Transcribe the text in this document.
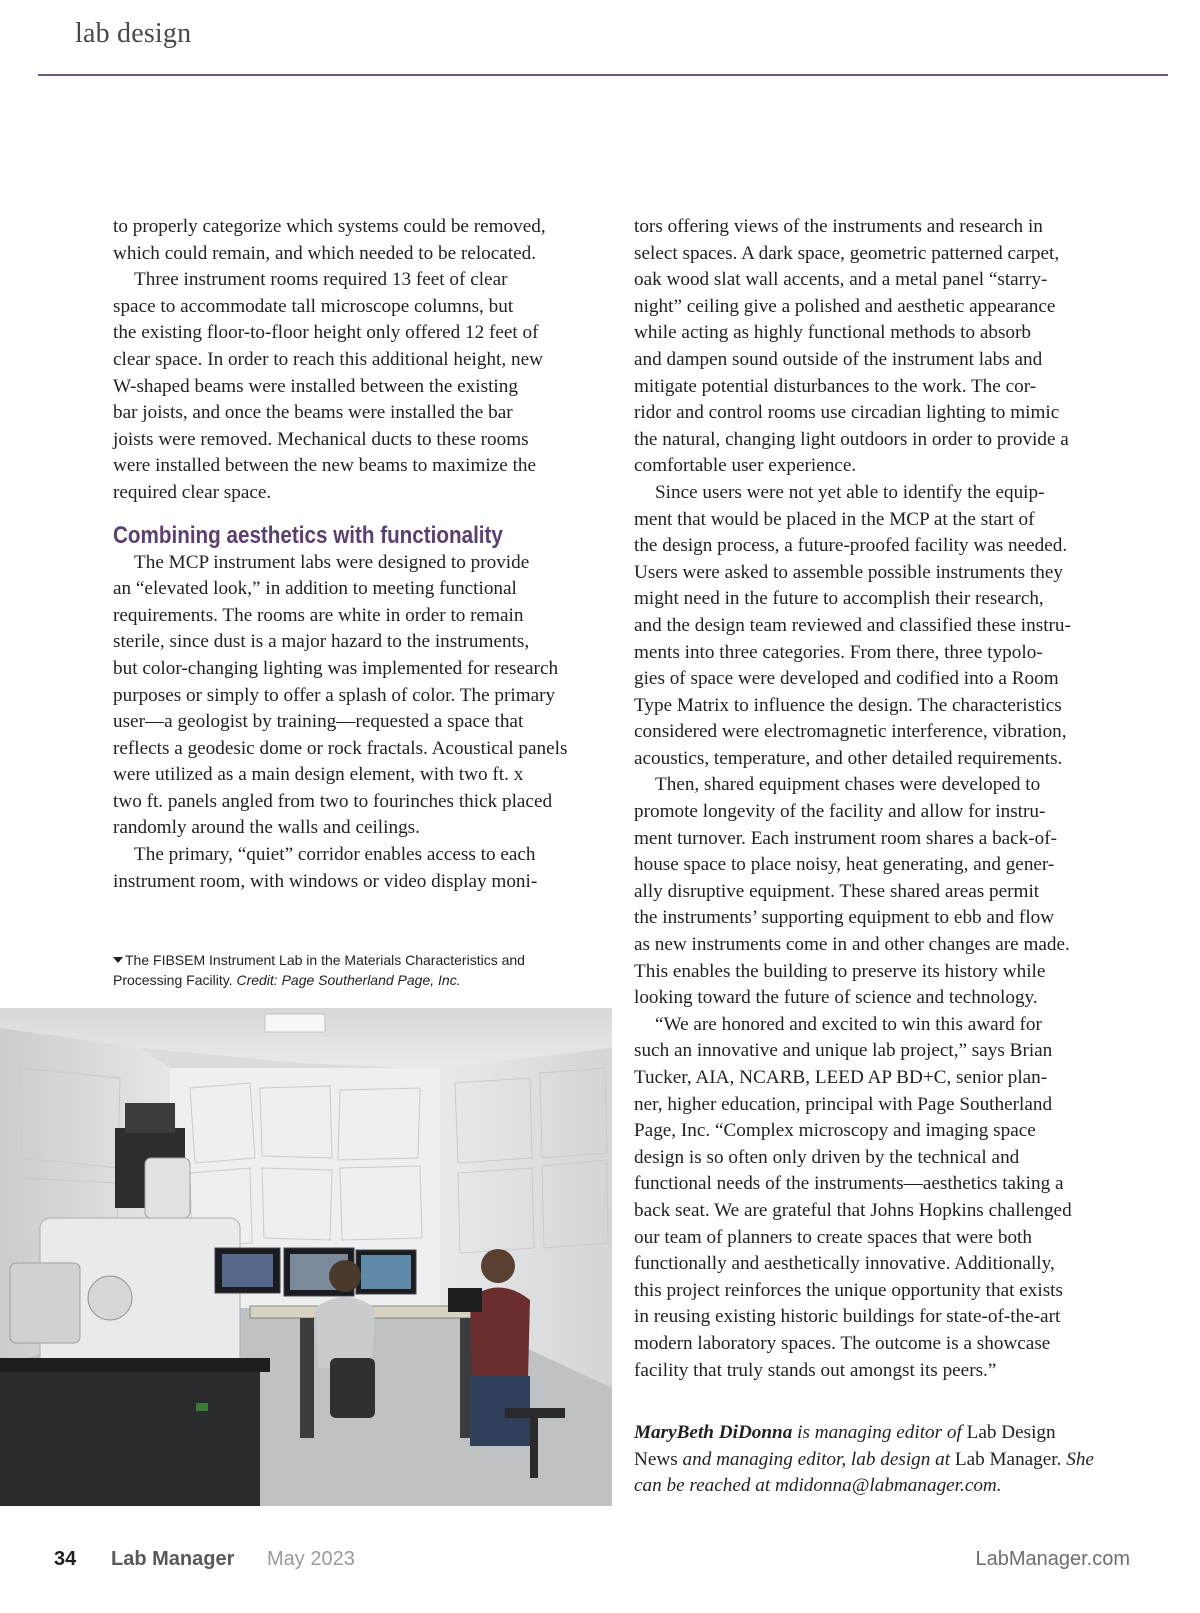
lab design
to properly categorize which systems could be removed,
which could remain, and which needed to be relocated.
Three instrument rooms required 13 feet of clear
space to accommodate tall microscope columns, but
the existing floor-to-floor height only offered 12 feet of
clear space. In order to reach this additional height, new
W-shaped beams were installed between the existing
bar joists, and once the beams were installed the bar
joists were removed. Mechanical ducts to these rooms
were installed between the new beams to maximize the
required clear space.
Combining aesthetics with functionality
The MCP instrument labs were designed to provide
an “elevated look,” in addition to meeting functional
requirements. The rooms are white in order to remain
sterile, since dust is a major hazard to the instruments,
but color-changing lighting was implemented for research
purposes or simply to offer a splash of color. The primary
user—a geologist by training—requested a space that
reflects a geodesic dome or rock fractals. Acoustical panels
were utilized as a main design element, with two ft. x
two ft. panels angled from two to fourinches thick placed
randomly around the walls and ceilings.
The primary, “quiet” corridor enables access to each
instrument room, with windows or video display moni-
The FIBSEM Instrument Lab in the Materials Characteristics and
Processing Facility. Credit: Page Southerland Page, Inc.
tors offering views of the instruments and research in
select spaces. A dark space, geometric patterned carpet,
oak wood slat wall accents, and a metal panel “starry-
night” ceiling give a polished and aesthetic appearance
while acting as highly functional methods to absorb
and dampen sound outside of the instrument labs and
mitigate potential disturbances to the work. The cor-
ridor and control rooms use circadian lighting to mimic
the natural, changing light outdoors in order to provide a
comfortable user experience.
Since users were not yet able to identify the equip-
ment that would be placed in the MCP at the start of
the design process, a future-proofed facility was needed.
Users were asked to assemble possible instruments they
might need in the future to accomplish their research,
and the design team reviewed and classified these instru-
ments into three categories. From there, three typolo-
gies of space were developed and codified into a Room
Type Matrix to influence the design. The characteristics
considered were electromagnetic interference, vibration,
acoustics, temperature, and other detailed requirements.
Then, shared equipment chases were developed to
promote longevity of the facility and allow for instru-
ment turnover. Each instrument room shares a back-of-
house space to place noisy, heat generating, and gener-
ally disruptive equipment. These shared areas permit
the instruments’ supporting equipment to ebb and flow
as new instruments come in and other changes are made.
This enables the building to preserve its history while
looking toward the future of science and technology.
“We are honored and excited to win this award for
such an innovative and unique lab project,” says Brian
Tucker, AIA, NCARB, LEED AP BD+C, senior plan-
ner, higher education, principal with Page Southerland
Page, Inc. “Complex microscopy and imaging space
design is so often only driven by the technical and
functional needs of the instruments—aesthetics taking a
back seat. We are grateful that Johns Hopkins challenged
our team of planners to create spaces that were both
functionally and aesthetically innovative. Additionally,
this project reinforces the unique opportunity that exists
in reusing existing historic buildings for state-of-the-art
modern laboratory spaces. The outcome is a showcase
facility that truly stands out amongst its peers.”
MaryBeth DiDonna is managing editor of Lab Design
News and managing editor, lab design at Lab Manager. She
can be reached at mdidonna@labmanager.com.
34 Lab Manager May 2023	LabManager.com
